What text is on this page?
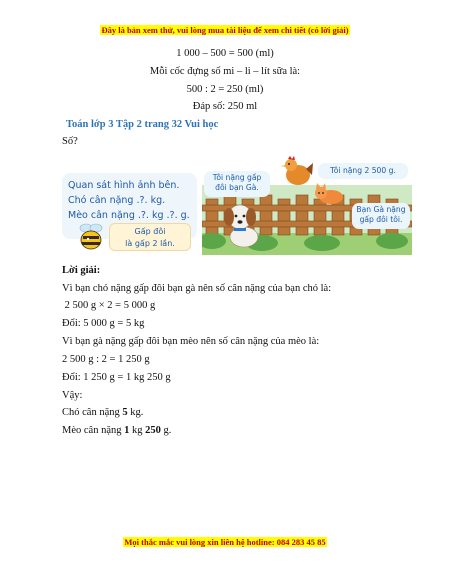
Đây là bản xem thử, vui lòng mua tài liệu để xem chi tiết (có lời giải)
1 000 – 500 = 500 (ml)
Mỗi cốc đựng số mi – li – lít sữa là:
500 : 2 = 250 (ml)
Đáp số: 250 ml
Toán lớp 3 Tập 2 trang 32 Vui học
Số?
Quan sát hình ảnh bên.
Chó cân nặng .?. kg.
Mèo cân nặng .?. kg .?. g.
Gấp đôi
là gấp 2 lần.
Tôi nặng gấp
đôi bạn Gà.
Tôi nặng 2 500 g.
Bạn Gà nặng
gấp đôi tôi.
Lời giải:
Vì bạn chó nặng gấp đôi bạn gà nên số cân nặng của bạn chó là:
2 500 g × 2 = 5 000 g
Đổi: 5 000 g = 5 kg
Vì bạn gà nặng gấp đôi bạn mèo nên số cân nặng của mèo là:
2 500 g : 2 = 1 250 g
Đổi: 1 250 g = 1 kg 250 g
Vậy:
Chó cân nặng 5 kg.
Mèo cân nặng 1 kg 250 g.
Mọi thắc mắc vui lòng xin liên hệ hotline: 084 283 45 85
